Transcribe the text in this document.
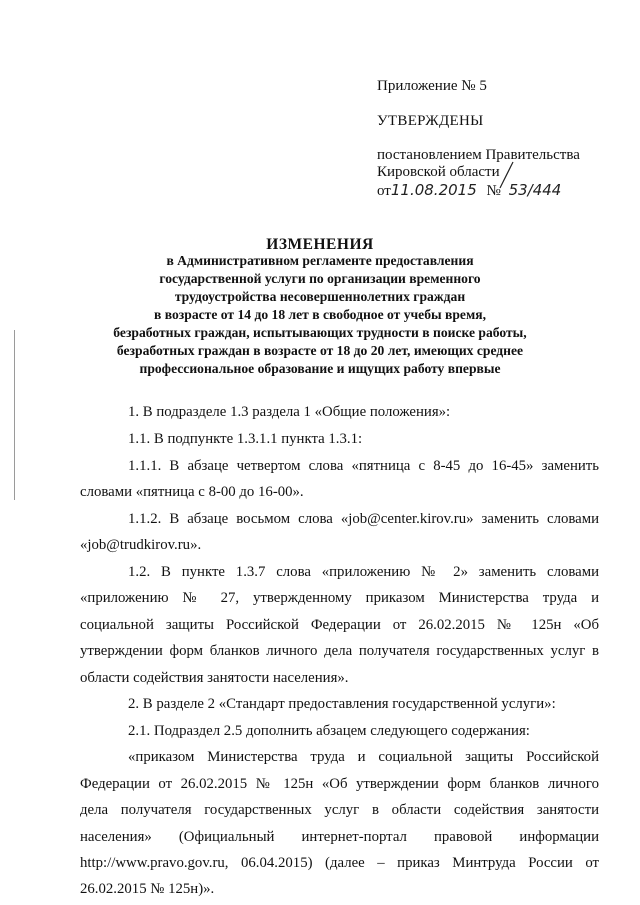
Приложение № 5
УТВЕРЖДЕНЫ
постановлением Правительства
Кировской области
от11.08.2015 № 53/444
ИЗМЕНЕНИЯ
в Административном регламенте предоставления
государственной услуги по организации временного
трудоустройства несовершеннолетних граждан
в возрасте от 14 до 18 лет в свободное от учебы время,
безработных граждан, испытывающих трудности в поиске работы,
безработных граждан в возрасте от 18 до 20 лет, имеющих среднее
профессиональное образование и ищущих работу впервые
1. В подразделе 1.3 раздела 1 «Общие положения»:
1.1. В подпункте 1.3.1.1 пункта 1.3.1:
1.1.1. В абзаце четвертом слова «пятница с 8-45 до 16-45» заменить
словами «пятница с 8-00 до 16-00».
1.1.2. В абзаце восьмом слова «job@center.kirov.ru» заменить словами
«job@trudkirov.ru».
1.2. В пункте 1.3.7 слова «приложению № 2» заменить словами
«приложению № 27, утвержденному приказом Министерства труда и
социальной защиты Российской Федерации от 26.02.2015 № 125н «Об
утверждении форм бланков личного дела получателя государственных услуг в
области содействия занятости населения».
2. В разделе 2 «Стандарт предоставления государственной услуги»:
2.1. Подраздел 2.5 дополнить абзацем следующего содержания:
«приказом Министерства труда и социальной защиты Российской
Федерации от 26.02.2015 № 125н «Об утверждении форм бланков личного
дела получателя государственных услуг в области содействия занятости
населения» (Официальный интернет-портал правовой информации
http://www.pravo.gov.ru, 06.04.2015) (далее – приказ Минтруда России от
26.02.2015 № 125н)».
